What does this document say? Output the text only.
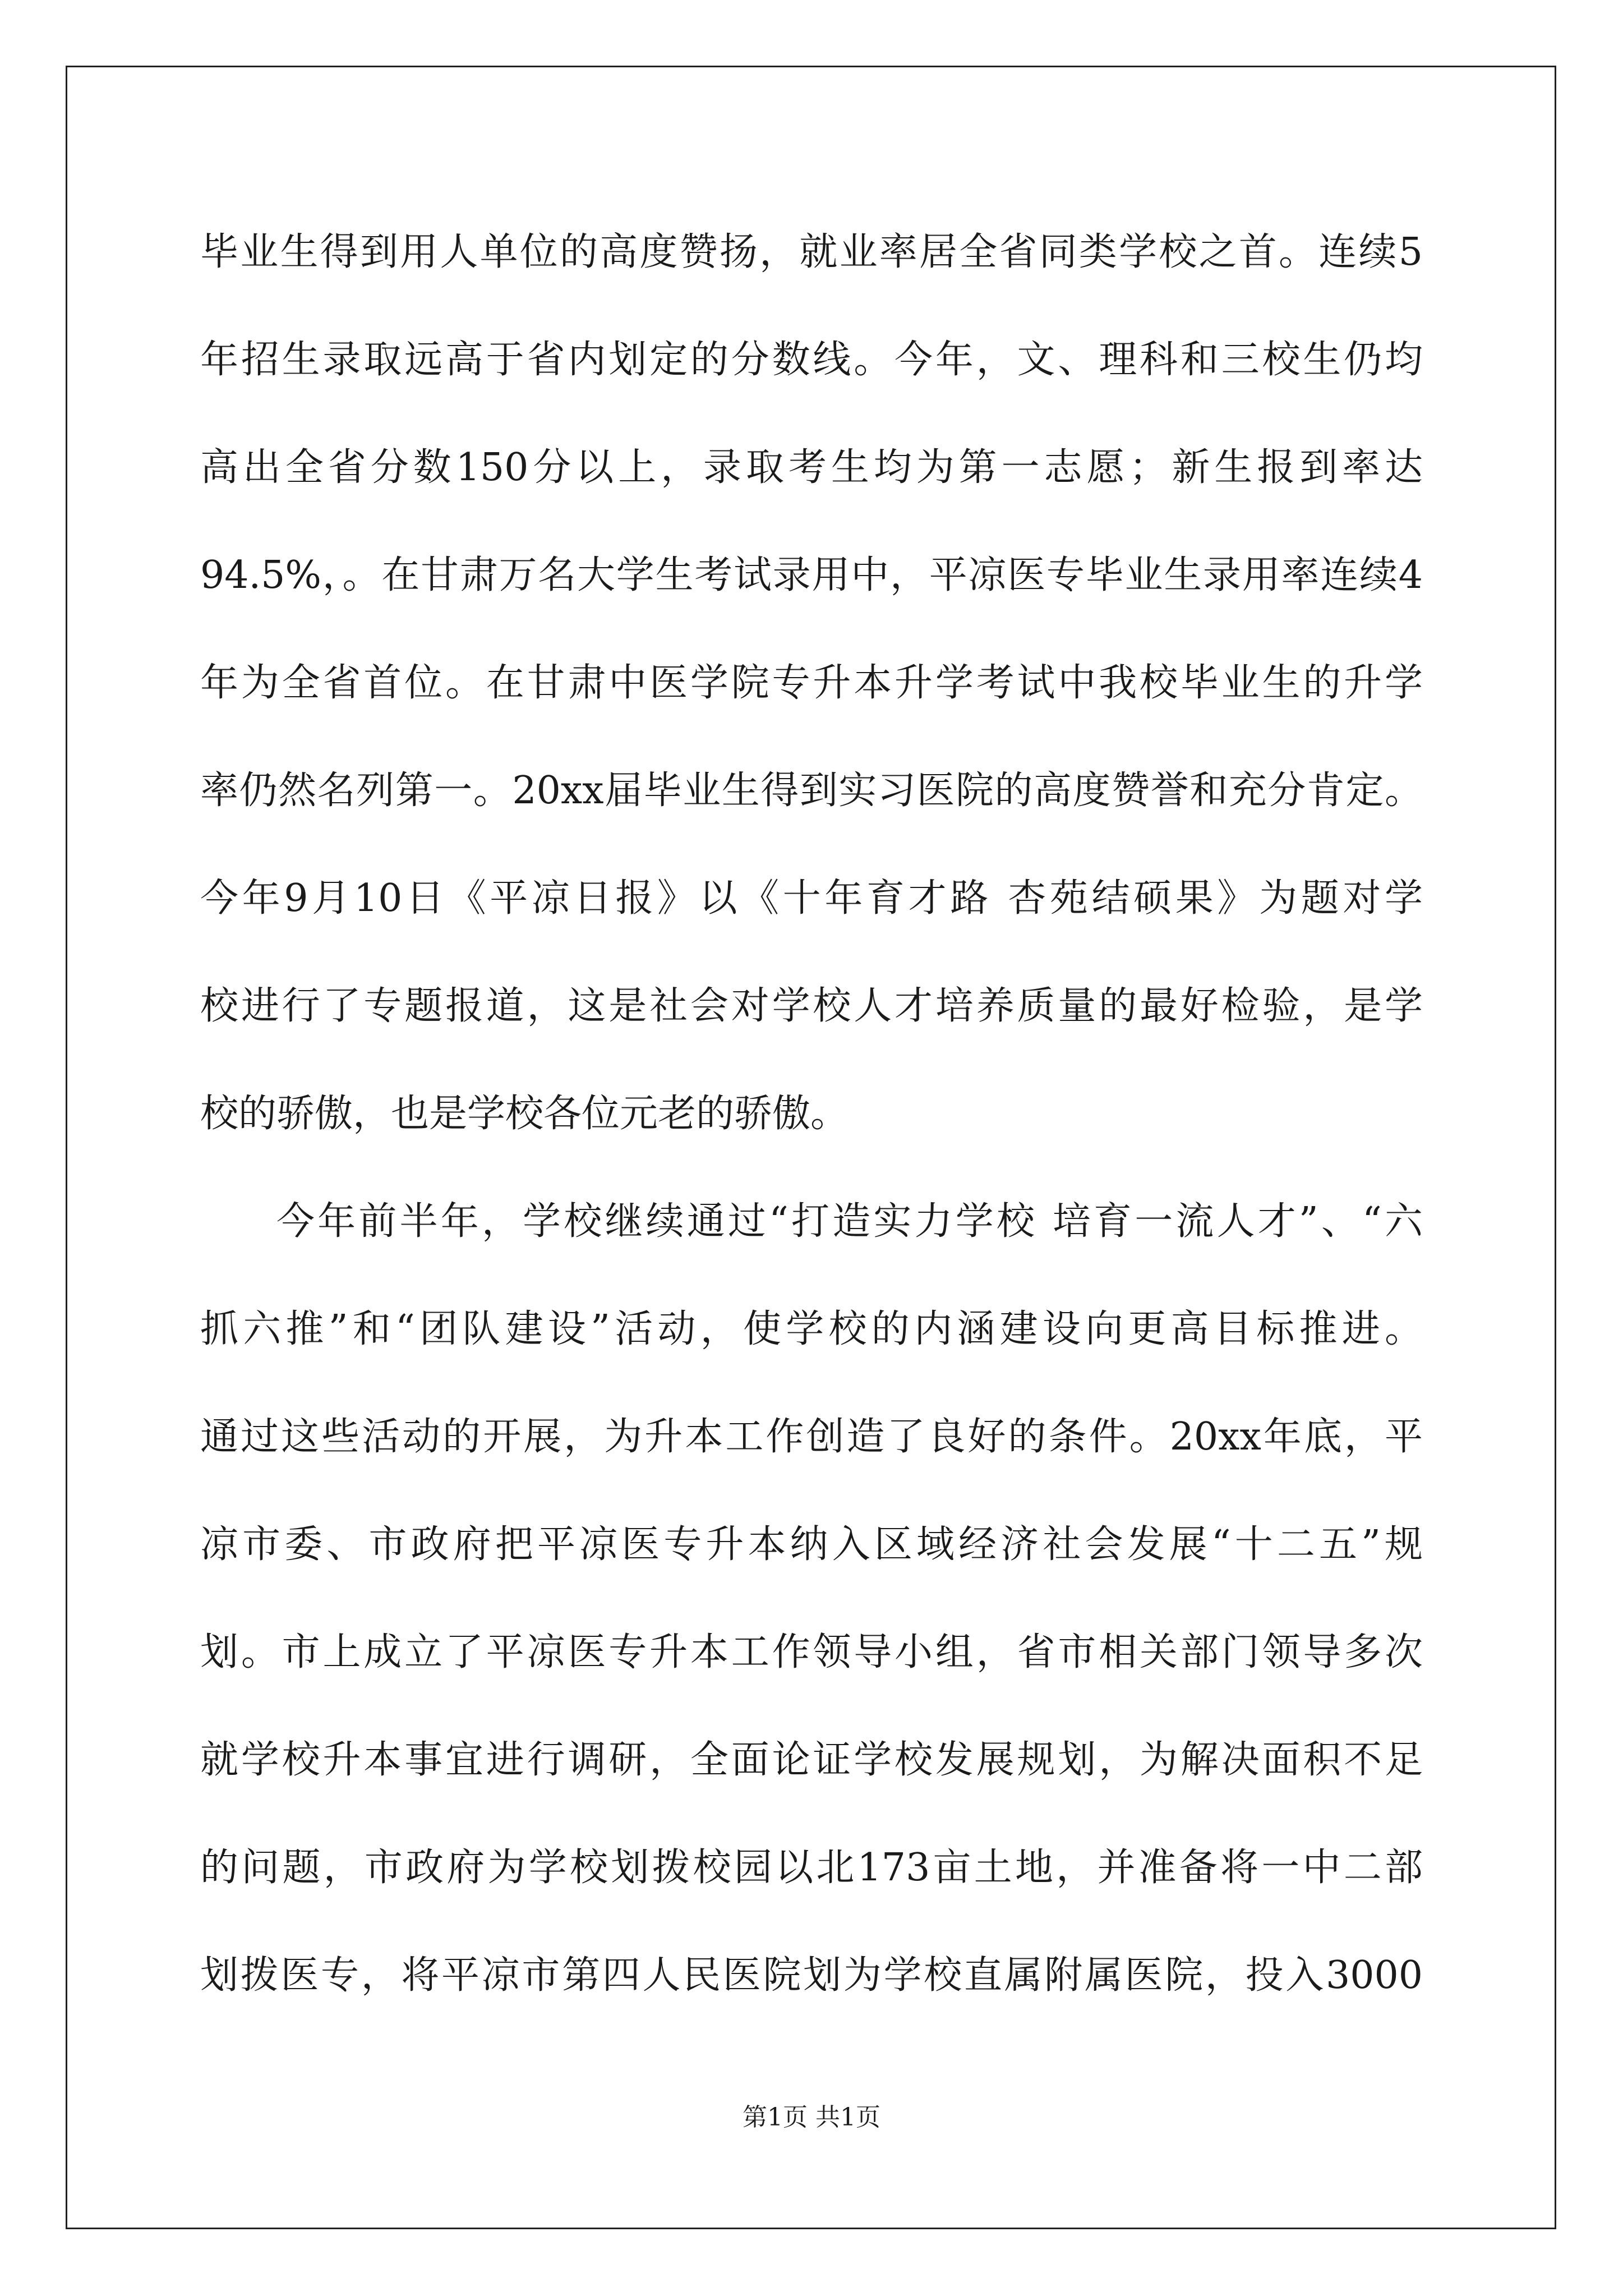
毕业生得到用人单位的高度赞扬，就业率居全省同类学校之首。连续5
年招生录取远高于省内划定的分数线。今年，文、理科和三校生仍均
高出全省分数150分以上，录取考生均为第一志愿；新生报到率达
94.5%，。在甘肃万名大学生考试录用中，平凉医专毕业生录用率连续4
年为全省首位。在甘肃中医学院专升本升学考试中我校毕业生的升学
率仍然名列第一。20xx届毕业生得到实习医院的高度赞誉和充分肯定。
今年9月10日《平凉日报》以《十年育才路 杏苑结硕果》为题对学
校进行了专题报道，这是社会对学校人才培养质量的最好检验，是学
校的骄傲，也是学校各位元老的骄傲。
今年前半年，学校继续通过“打造实力学校 培育一流人才”、“六
抓六推”和“团队建设”活动，使学校的内涵建设向更高目标推进。
通过这些活动的开展，为升本工作创造了良好的条件。20xx年底，平
凉市委、市政府把平凉医专升本纳入区域经济社会发展“十二五”规
划。市上成立了平凉医专升本工作领导小组，省市相关部门领导多次
就学校升本事宜进行调研，全面论证学校发展规划，为解决面积不足
的问题，市政府为学校划拨校园以北173亩土地，并准备将一中二部
划拨医专，将平凉市第四人民医院划为学校直属附属医院，投入3000
第1页 共1页
